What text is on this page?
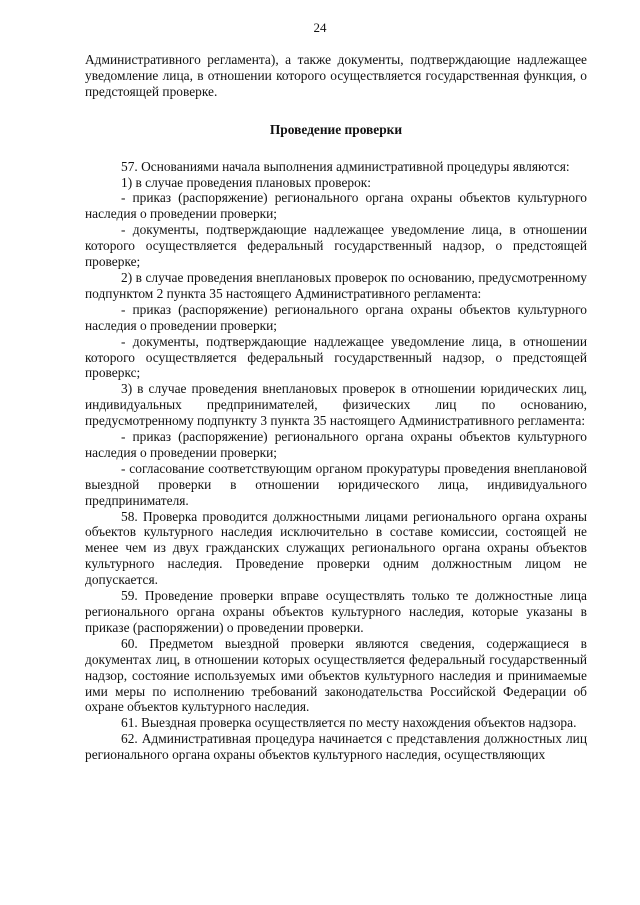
24

Административного регламента), а также документы, подтверждающие надлежащее уведомление лица, в отношении которого осуществляется государственная функция, о предстоящей проверке.

Проведение проверки

57. Основаниями начала выполнения административной процедуры являются:

1) в случае проведения плановых проверок:

- приказ (распоряжение) регионального органа охраны объектов культурного наследия о проведении проверки;

- документы, подтверждающие надлежащее уведомление лица, в отношении которого осуществляется федеральный государственный надзор, о предстоящей проверке;

2) в случае проведения внеплановых проверок по основанию, предусмотренному подпунктом 2 пункта 35 настоящего Административного регламента:

- приказ (распоряжение) регионального органа охраны объектов культурного наследия о проведении проверки;

- документы, подтверждающие надлежащее уведомление лица, в отношении которого осуществляется федеральный государственный надзор, о предстоящей проверкс;

3) в случае проведения внеплановых проверок в отношении юридических лиц, индивидуальных предпринимателей, физических лиц по основанию, предусмотренному подпункту 3 пункта 35 настоящего Административного регламента:

- приказ (распоряжение) регионального органа охраны объектов культурного наследия о проведении проверки;

- согласование соответствующим органом прокуратуры проведения внеплановой выездной проверки в отношении юридического лица, индивидуального предпринимателя.

58. Проверка проводится должностными лицами регионального органа охраны объектов культурного наследия исключительно в составе комиссии, состоящей не менее чем из двух гражданских служащих регионального органа охраны объектов культурного наследия. Проведение проверки одним должностным лицом не допускается.

59. Проведение проверки вправе осуществлять только те должностные лица регионального органа охраны объектов культурного наследия, которые указаны в приказе (распоряжении) о проведении проверки.

60. Предметом выездной проверки являются сведения, содержащиеся в документах лиц, в отношении которых осуществляется федеральный государственный надзор, состояние используемых ими объектов культурного наследия и принимаемые ими меры по исполнению требований законодательства Российской Федерации об охране объектов культурного наследия.

61. Выездная проверка осуществляется по месту нахождения объектов надзора.

62. Административная процедура начинается с представления должностных лиц регионального органа охраны объектов культурного наследия, осуществляющих
